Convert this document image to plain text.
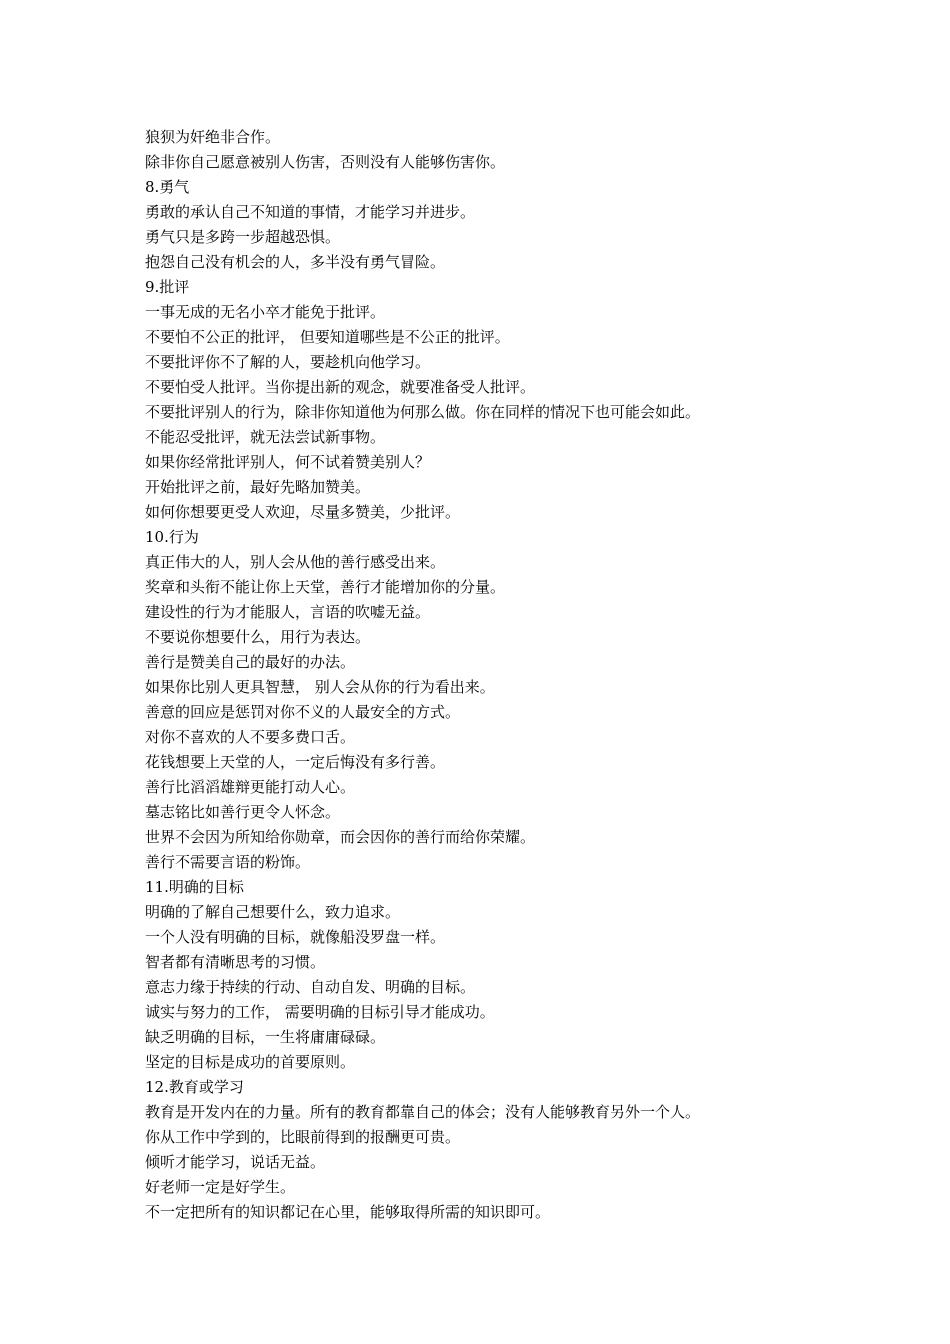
狼狈为奸绝非合作。
除非你自己愿意被别人伤害，否则没有人能够伤害你。
8.勇气
勇敢的承认自己不知道的事情，才能学习并进步。
勇气只是多跨一步超越恐惧。
抱怨自己没有机会的人，多半没有勇气冒险。
9.批评
一事无成的无名小卒才能免于批评。
不要怕不公正的批评， 但要知道哪些是不公正的批评。
不要批评你不了解的人，要趁机向他学习。
不要怕受人批评。当你提出新的观念，就要准备受人批评。
不要批评别人的行为，除非你知道他为何那么做。你在同样的情况下也可能会如此。
不能忍受批评，就无法尝试新事物。
如果你经常批评别人，何不试着赞美别人？
开始批评之前，最好先略加赞美。
如何你想要更受人欢迎，尽量多赞美，少批评。
10.行为
真正伟大的人，别人会从他的善行感受出来。
奖章和头衔不能让你上天堂，善行才能增加你的分量。
建设性的行为才能服人，言语的吹嘘无益。
不要说你想要什么，用行为表达。
善行是赞美自己的最好的办法。
如果你比别人更具智慧， 别人会从你的行为看出来。
善意的回应是惩罚对你不义的人最安全的方式。
对你不喜欢的人不要多费口舌。
花钱想要上天堂的人，一定后悔没有多行善。
善行比滔滔雄辩更能打动人心。
墓志铭比如善行更令人怀念。
世界不会因为所知给你勋章，而会因你的善行而给你荣耀。
善行不需要言语的粉饰。
11.明确的目标
明确的了解自己想要什么，致力追求。
一个人没有明确的目标，就像船没罗盘一样。
智者都有清晰思考的习惯。
意志力缘于持续的行动、自动自发、明确的目标。
诚实与努力的工作， 需要明确的目标引导才能成功。
缺乏明确的目标，一生将庸庸碌碌。
坚定的目标是成功的首要原则。
12.教育或学习
教育是开发内在的力量。所有的教育都靠自己的体会；没有人能够教育另外一个人。
你从工作中学到的，比眼前得到的报酬更可贵。
倾听才能学习，说话无益。
好老师一定是好学生。
不一定把所有的知识都记在心里，能够取得所需的知识即可。
